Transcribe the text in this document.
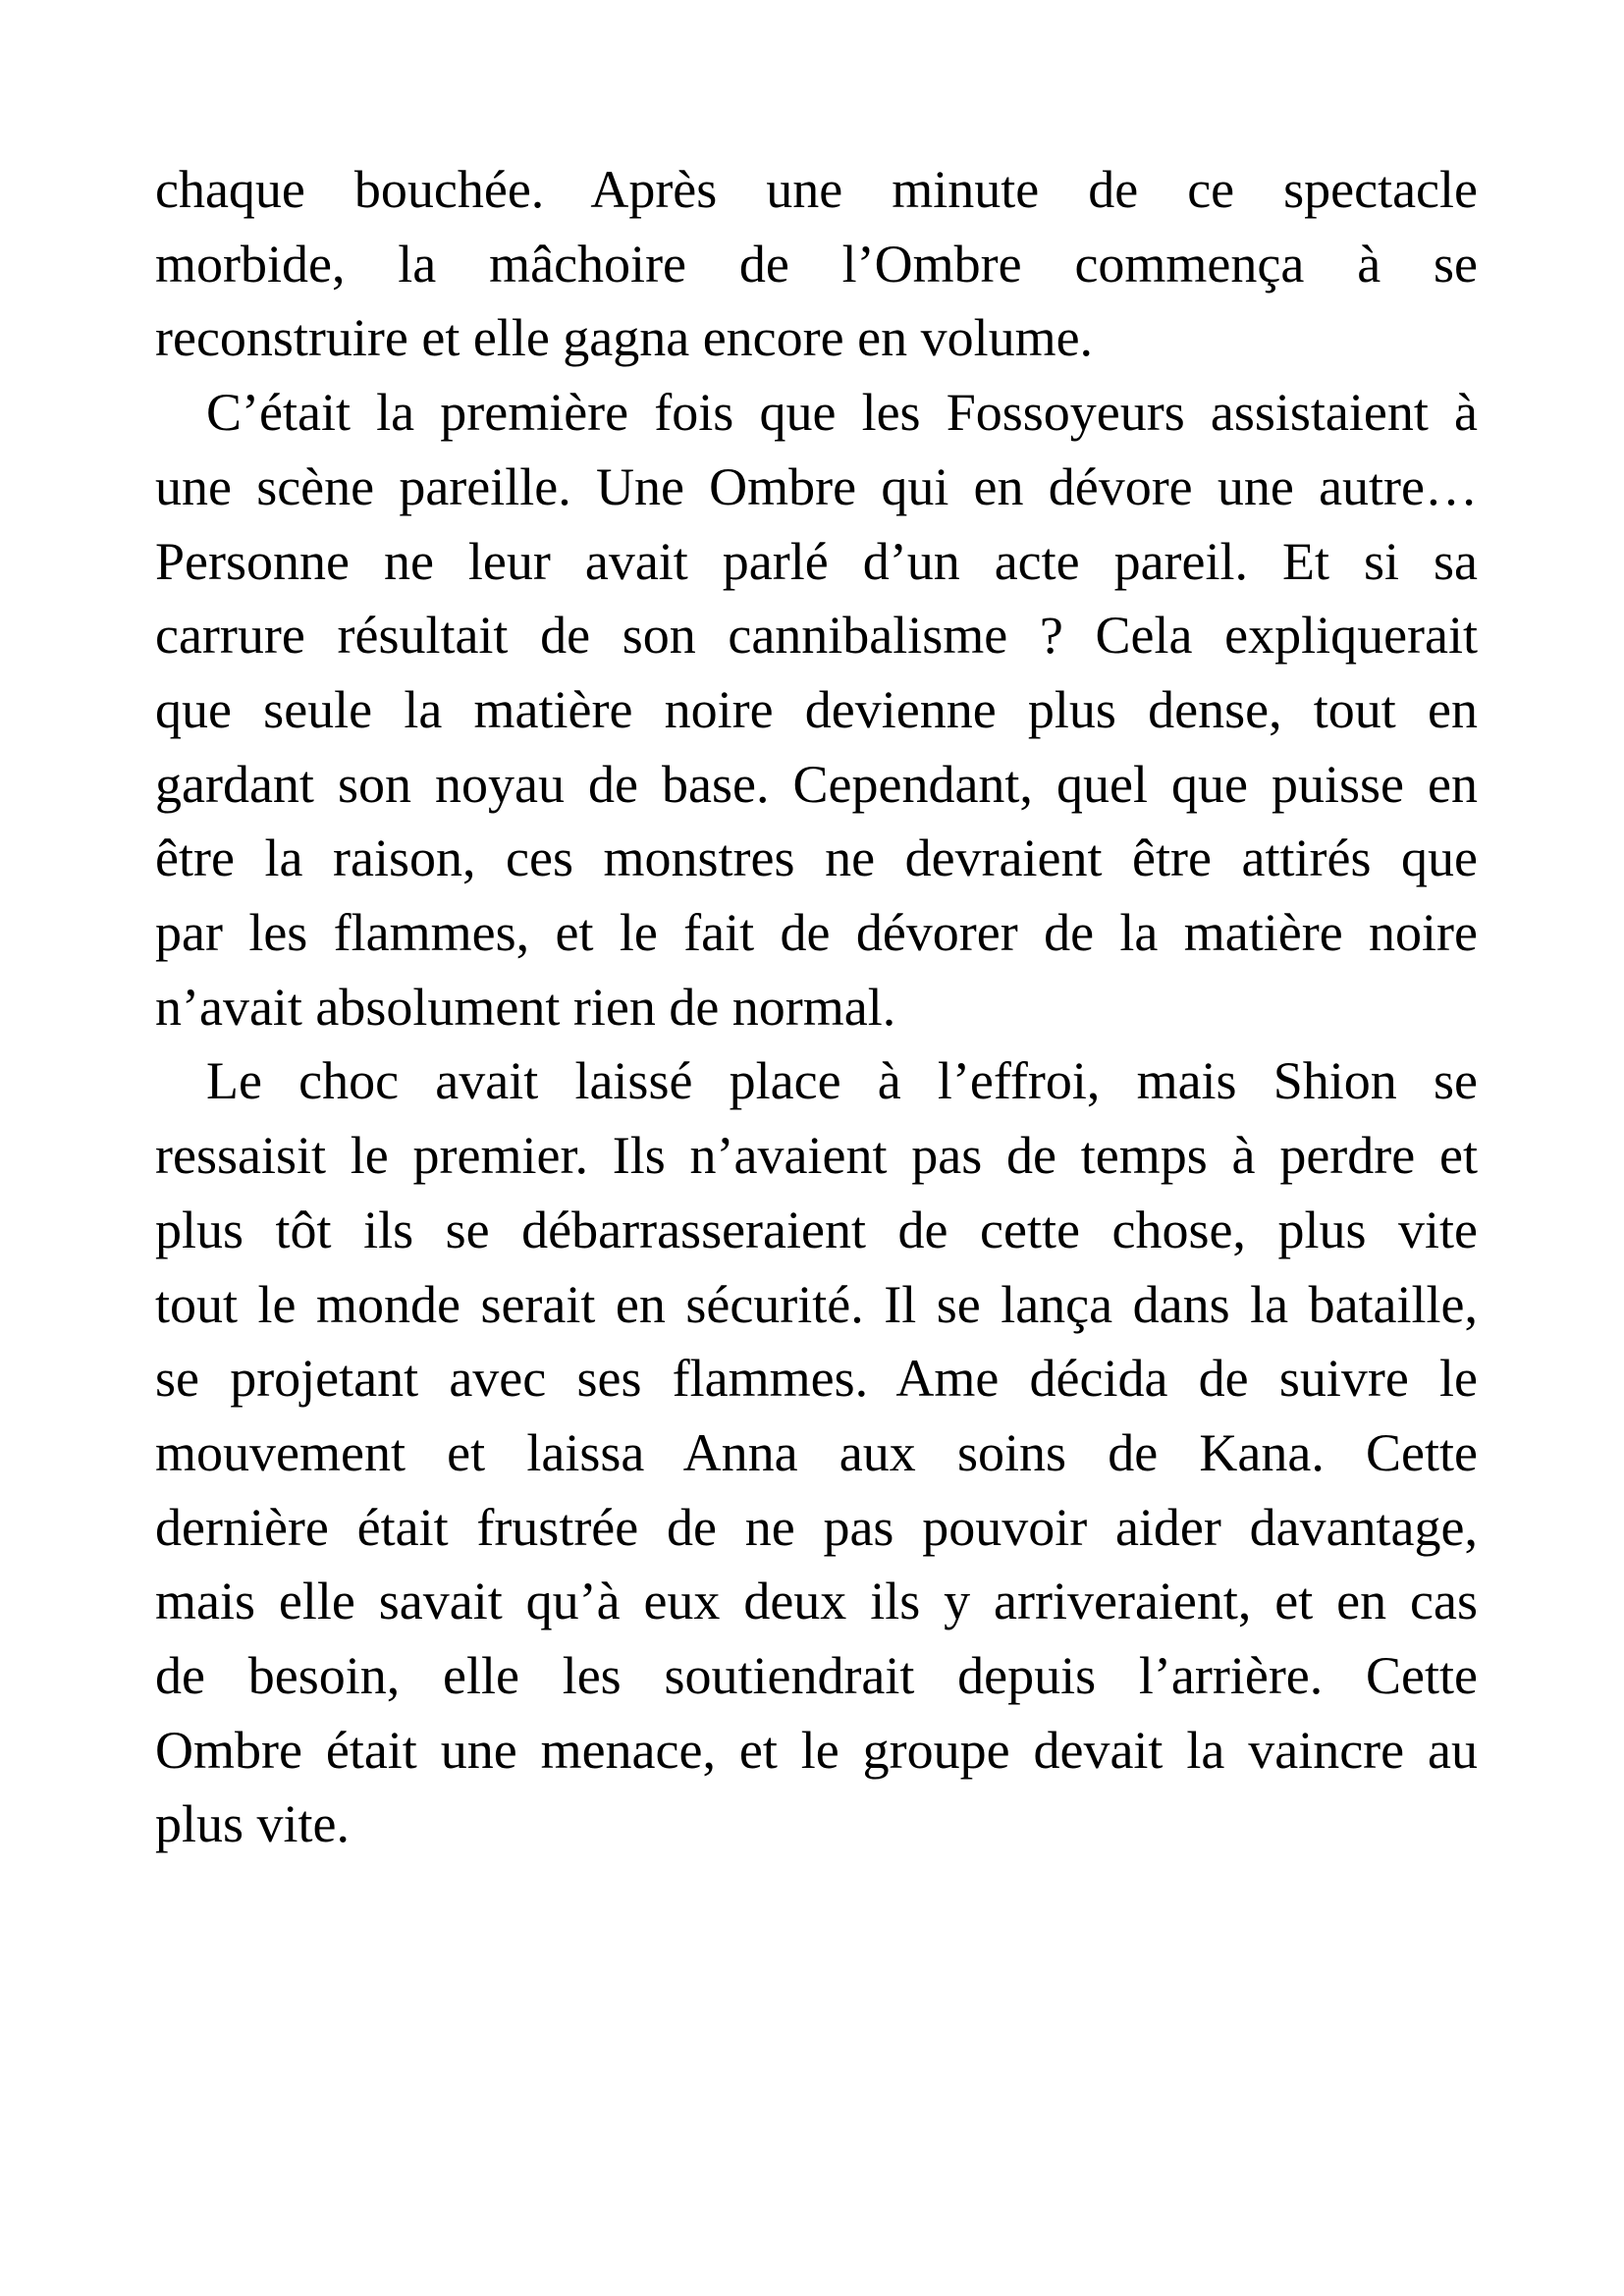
chaque bouchée. Après une minute de ce spectacle
morbide, la mâchoire de l’Ombre commença à se
reconstruire et elle gagna encore en volume.
C’était la première fois que les Fossoyeurs assistaient à
une scène pareille. Une Ombre qui en dévore une autre…
Personne ne leur avait parlé d’un acte pareil. Et si sa
carrure résultait de son cannibalisme ? Cela expliquerait
que seule la matière noire devienne plus dense, tout en
gardant son noyau de base. Cependant, quel que puisse en
être la raison, ces monstres ne devraient être attirés que
par les flammes, et le fait de dévorer de la matière noire
n’avait absolument rien de normal.
Le choc avait laissé place à l’effroi, mais Shion se
ressaisit le premier. Ils n’avaient pas de temps à perdre et
plus tôt ils se débarrasseraient de cette chose, plus vite
tout le monde serait en sécurité. Il se lança dans la bataille,
se projetant avec ses flammes. Ame décida de suivre le
mouvement et laissa Anna aux soins de Kana. Cette
dernière était frustrée de ne pas pouvoir aider davantage,
mais elle savait qu’à eux deux ils y arriveraient, et en cas
de besoin, elle les soutiendrait depuis l’arrière. Cette
Ombre était une menace, et le groupe devait la vaincre au
plus vite.
